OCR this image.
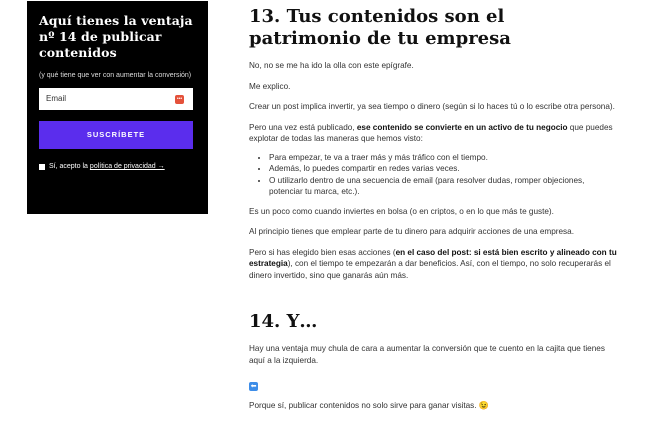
Aquí tienes la ventaja nº 14 de publicar contenidos

(y qué tiene que ver con aumentar la conversión)

Email	•••
SUSCRÍBETE
Sí, acepto la política de privacidad →
13. Tus contenidos son el patrimonio de tu empresa

No, no se me ha ido la olla con este epígrafe.

Me explico.

Crear un post implica invertir, ya sea tiempo o dinero (según si lo haces tú o lo escribe otra persona).

Pero una vez está publicado, ese contenido se convierte en un activo de tu negocio que puedes explotar de todas las maneras que hemos visto:

• Para empezar, te va a traer más y más tráfico con el tiempo.
• Además, lo puedes compartir en redes varias veces.
• O utilizarlo dentro de una secuencia de email (para resolver dudas, romper objeciones, potenciar tu marca, etc.).

Es un poco como cuando inviertes en bolsa (o en criptos, o en lo que más te guste).

Al principio tienes que emplear parte de tu dinero para adquirir acciones de una empresa.

Pero si has elegido bien esas acciones (en el caso del post: si está bien escrito y alineado con tu estrategia), con el tiempo te empezarán a dar beneficios. Así, con el tiempo, no solo recuperarás el dinero invertido, sino que ganarás aún más.

14. Y…

Hay una ventaja muy chula de cara a aumentar la conversión que te cuento en la cajita que tienes aquí a la izquierda.

⬅

Porque sí, publicar contenidos no solo sirve para ganar visitas. 😉
